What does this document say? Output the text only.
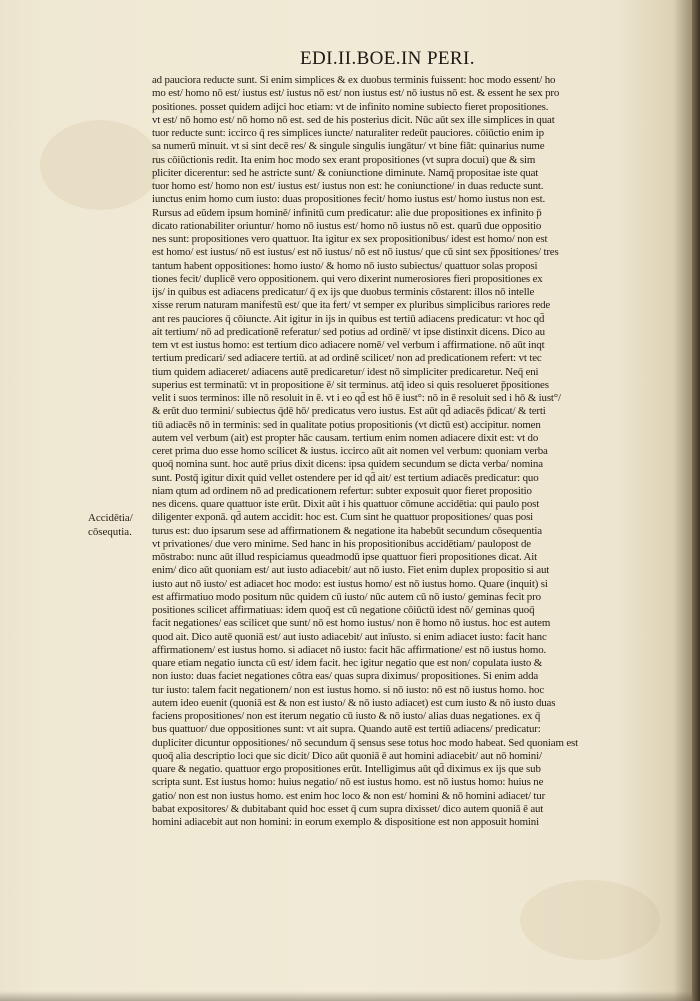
EDI.II.BOE.IN PERI.
Accidētia/
cōsequtia.
ad pauciora reducte sunt. Si enim simplices & ex duobus terminis fuissent: hoc modo essent/ ho
mo est/ homo nō est/ iustus est/ iustus nō est/ non iustus est/ nō iustus nō est. & essent he sex pro
positiones. posset quidem adijci hoc etiam: vt de infinito nomine subiecto fieret propositiones.
vt est/ nō homo est/ nō homo nō est. sed de his posterius dicit. Nūc aūt sex ille simplices in quat
tuor reducte sunt: iccirco q̄ res simplices iuncte/ naturaliter redeūt pauciores. cōiūctio enim ip
sa numerū minuit. vt si sint decē res/ & singule singulis iungātur/ vt bine fiāt: quinarius nume
rus cōiūctionis redit. Ita enim hoc modo sex erant propositiones (vt supra docui) que & sim
pliciter dicerentur: sed he astricte sunt/ & coniunctione diminute. Namq̄ propositae iste quat
tuor homo est/ homo non est/ iustus est/ iustus non est: he coniunctione/ in duas reducte sunt.
iunctus enim homo cum iusto: duas propositiones fecit/ homo iustus est/ homo iustus non est.
Rursus ad eūdem ipsum hominē/ infinitū cum predicatur: alie due propositiones ex infinito p̄
dicato rationabiliter oriuntur/ homo nō iustus est/ homo nō iustus nō est. quarū due oppositio
nes sunt: propositiones vero quattuor. Ita igitur ex sex propositionibus/ idest est homo/ non est
est homo/ est iustus/ nō est iustus/ est nō iustus/ nō est nō iustus/ que cū sint sex p̄positiones/ tres
tantum habent oppositiones: homo iusto/ & homo nō iusto subiectus/ quattuor solas proposi
tiones fecit/ duplicē vero oppositionem. qui vero dixerint numerosiores fieri propositiones ex
ijs/ in quibus est adiacens predicatur/ q̄ ex ijs que duobus terminis cōstarent: illos nō intelle
xisse rerum naturam manifestū est/ que ita fert/ vt semper ex pluribus simplicibus rariores rede
ant res pauciores q̄ cōiuncte. Ait igitur in ijs in quibus est tertiū adiacens predicatur: vt hoc qd̄
ait tertium/ nō ad predicationē referatur/ sed potius ad ordinē/ vt ipse distinxit dicens. Dico au
tem vt est iustus homo: est tertium dico adiacere nomē/ vel verbum i affirmatione. nō aūt inqt
tertium predicari/ sed adiacere tertiū. at ad ordinē scilicet/ non ad predicationem refert: vt tec
tium quidem adiaceret/ adiacens autē predicaretur/ idest nō simpliciter predicaretur. Neq̄ eni
superius est terminatū: vt in propositione ē/ sit terminus. atq̄ ideo si quis resolueret p̄positiones
velit i suos terminos: ille nō resoluit in ē. vt i eo qd̄ est hō ē iust°: nō in ē resoluit sed i hō & iust°/
& erūt duo termini/ subiectus q̄dē hō/ predicatus vero iustus. Est aūt qd̄ adiacēs p̄dicat/ & terti
tiū adiacēs nō in terminis: sed in qualitate potius propositionis (vt dictū est) accipitur. nomen
autem vel verbum (ait) est propter hāc causam. tertium enim nomen adiacere dixit est: vt do
ceret prima duo esse homo scilicet & iustus. iccirco aūt ait nomen vel verbum: quoniam verba
quoq̄ nomina sunt. hoc autē prius dixit dicens: ipsa quidem secundum se dicta verba/ nomina
sunt. Postq̄ igitur dixit quid vellet ostendere per id qd̄ ait/ est tertium adiacēs predicatur: quo
niam qtum ad ordinem nō ad predicationem refertur: subter exposuit quor fieret propositio
nes dicens. quare quattuor iste erūt. Dixit aūt i his quattuor cōmune accidētia: qui paulo post
diligenter exponā. qd̄ autem accidit: hoc est. Cum sint he quattuor propositiones/ quas posi
turus est: duo ipsarum sese ad affirmationem & negatione ita habebūt secundum cōsequentia
vt privationes/ due vero minime. Sed hanc in his propositionibus accidētiam/ paulopost de
mōstrabo: nunc aūt illud respiciamus queadmodū ipse quattuor fieri propositiones dicat. Ait
enim/ dico aūt quoniam est/ aut iusto adiacebit/ aut nō iusto. Fiet enim duplex propositio si aut
iusto aut nō iusto/ est adiacet hoc modo: est iustus homo/ est nō iustus homo. Quare (inquit) si
est affirmatiuo modo positum nūc quidem cū iusto/ nūc autem cū nō iusto/ geminas fecit pro
positiones scilicet affirmatiuas: idem quoq̄ est cū negatione cōiūctū idest nō/ geminas quoq̄
facit negationes/ eas scilicet que sunt/ nō est homo iustus/ non ē homo nō iustus. hoc est autem
quod ait. Dico autē quoniā est/ aut iusto adiacebit/ aut inīusto. si enim adiacet iusto: facit hanc
affirmationem/ est iustus homo. si adiacet nō iusto: facit hāc affirmatione/ est nō iustus homo.
quare etiam negatio iuncta cū est/ idem facit. hec igitur negatio que est non/ copulata iusto &
non iusto: duas faciet negationes cōtra eas/ quas supra diximus/ propositiones. Si enim adda
tur iusto: talem facit negationem/ non est iustus homo. si nō iusto: nō est nō iustus homo. hoc
autem ideo euenit (quoniā est & non est iusto/ & nō iusto adiacet) est cum iusto & nō iusto duas
faciens propositiones/ non est iterum negatio cū iusto & nō iusto/ alias duas negationes. ex q̄
bus quattuor/ due oppositiones sunt: vt ait supra. Quando autē est tertiū adiacens/ predicatur:
dupliciter dicuntur oppositiones/ nō secundum q̄ sensus sese totus hoc modo habeat. Sed quoniam est
quoq̄ alia descriptio loci que sic dicit/ Dico aūt quoniā ē aut homini adiacebit/ aut nō homini/
quare & negatio. quattuor ergo propositiones erūt. Intelligimus aūt qd̄ diximus ex ijs que sub
scripta sunt. Est iustus homo: huius negatio/ nō est iustus homo. est nō iustus homo: huius ne
gatio/ non est non iustus homo. est enim hoc loco & non est/ homini & nō homini adiacet/ tur
babat expositores/ & dubitabant quid hoc esset q̄ cum supra dixisset/ dico autem quoniā ē aut
homini adiacebit aut non homini: in eorum exemplo & dispositione est non apposuit homini
